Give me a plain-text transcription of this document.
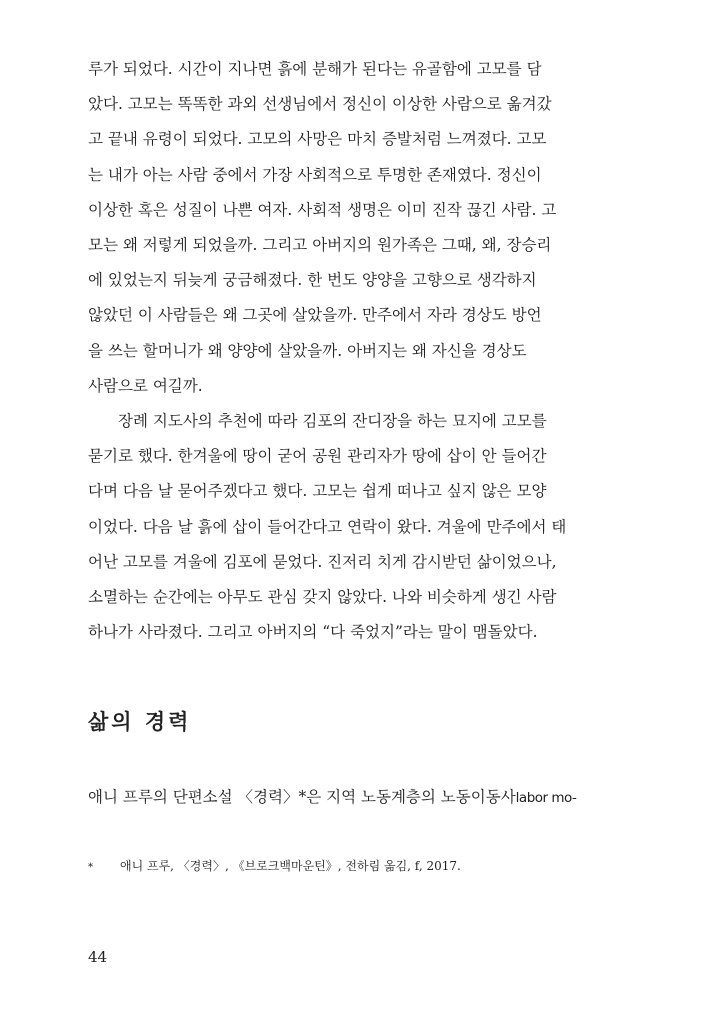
루가 되었다. 시간이 지나면 흙에 분해가 된다는 유골함에 고모를 담
았다. 고모는 똑똑한 과외 선생님에서 정신이 이상한 사람으로 옮겨갔
고 끝내 유령이 되었다. 고모의 사망은 마치 증발처럼 느껴졌다. 고모
는 내가 아는 사람 중에서 가장 사회적으로 투명한 존재였다. 정신이
이상한 혹은 성질이 나쁜 여자. 사회적 생명은 이미 진작 끊긴 사람. 고
모는 왜 저렇게 되었을까. 그리고 아버지의 원가족은 그때, 왜, 장승리
에 있었는지 뒤늦게 궁금해졌다. 한 번도 양양을 고향으로 생각하지
않았던 이 사람들은 왜 그곳에 살았을까. 만주에서 자라 경상도 방언
을 쓰는 할머니가 왜 양양에 살았을까. 아버지는 왜 자신을 경상도
사람으로 여길까.
장례 지도사의 추천에 따라 김포의 잔디장을 하는 묘지에 고모를
묻기로 했다. 한겨울에 땅이 굳어 공원 관리자가 땅에 삽이 안 들어간
다며 다음 날 묻어주겠다고 했다. 고모는 쉽게 떠나고 싶지 않은 모양
이었다. 다음 날 흙에 삽이 들어간다고 연락이 왔다. 겨울에 만주에서 태
어난 고모를 겨울에 김포에 묻었다. 진저리 치게 감시받던 삶이었으나,
소멸하는 순간에는 아무도 관심 갖지 않았다. 나와 비슷하게 생긴 사람
하나가 사라졌다. 그리고 아버지의 “다 죽었지”라는 말이 맴돌았다.
삶의 경력
애니 프루의 단편소설 〈경력〉*은 지역 노동계층의 노동이동사labor mo-
* 애니 프루, 〈경력〉, 《브로크백마운틴》, 전하림 옮김, f, 2017.
44
